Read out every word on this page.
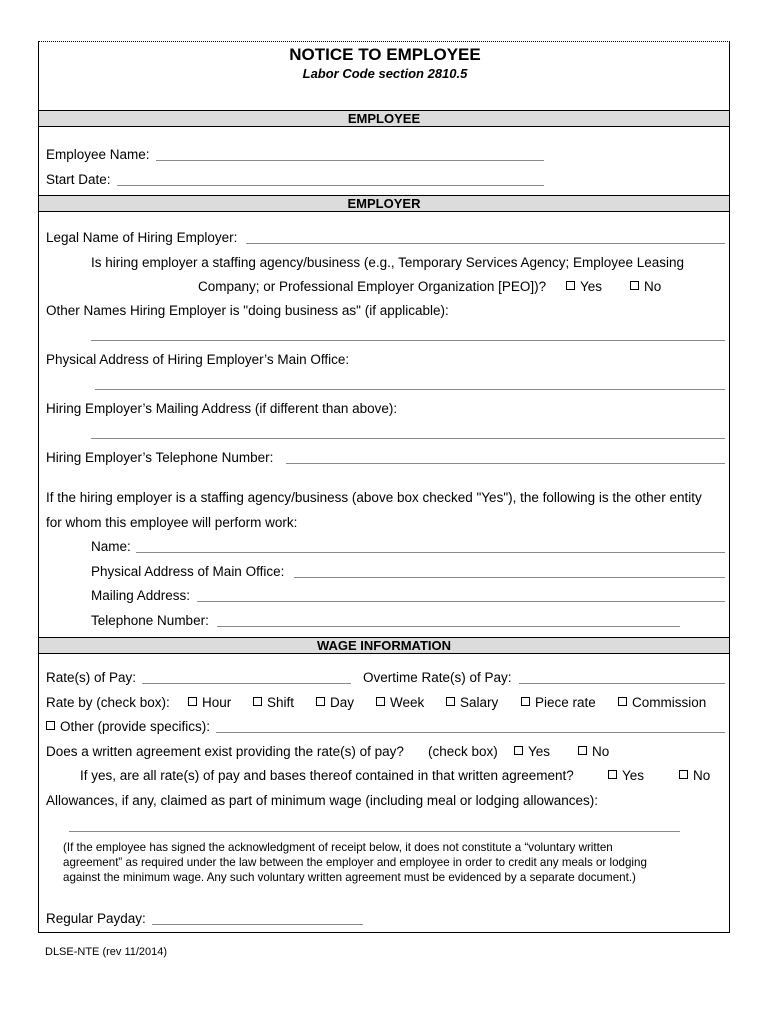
NOTICE TO EMPLOYEE
Labor Code section 2810.5
EMPLOYEE
Employee Name:
Start Date:
EMPLOYER
Legal Name of Hiring Employer:
Is hiring employer a staffing agency/business (e.g., Temporary Services Agency; Employee Leasing
Company; or Professional Employer Organization [PEO])?	Yes	No
Other Names Hiring Employer is "doing business as" (if applicable):
Physical Address of Hiring Employer’s Main Office:
Hiring Employer’s Mailing Address (if different than above):
Hiring Employer’s Telephone Number:
If the hiring employer is a staffing agency/business (above box checked "Yes"), the following is the other entity
for whom this employee will perform work:
Name:
Physical Address of Main Office:
Mailing Address:
Telephone Number:
WAGE INFORMATION
Rate(s) of Pay:	Overtime Rate(s) of Pay:
Rate by (check box):	Hour	Shift	Day	Week	Salary	Piece rate	Commission
Other (provide specifics):
Does a written agreement exist providing the rate(s) of pay? (check box)	Yes	No
If yes, are all rate(s) of pay and bases thereof contained in that written agreement?	Yes	No
Allowances, if any, claimed as part of minimum wage (including meal or lodging allowances):
(If the employee has signed the acknowledgment of receipt below, it does not constitute a “voluntary written
agreement” as required under the law between the employer and employee in order to credit any meals or lodging
against the minimum wage. Any such voluntary written agreement must be evidenced by a separate document.)
Regular Payday:
DLSE-NTE (rev 11/2014)
